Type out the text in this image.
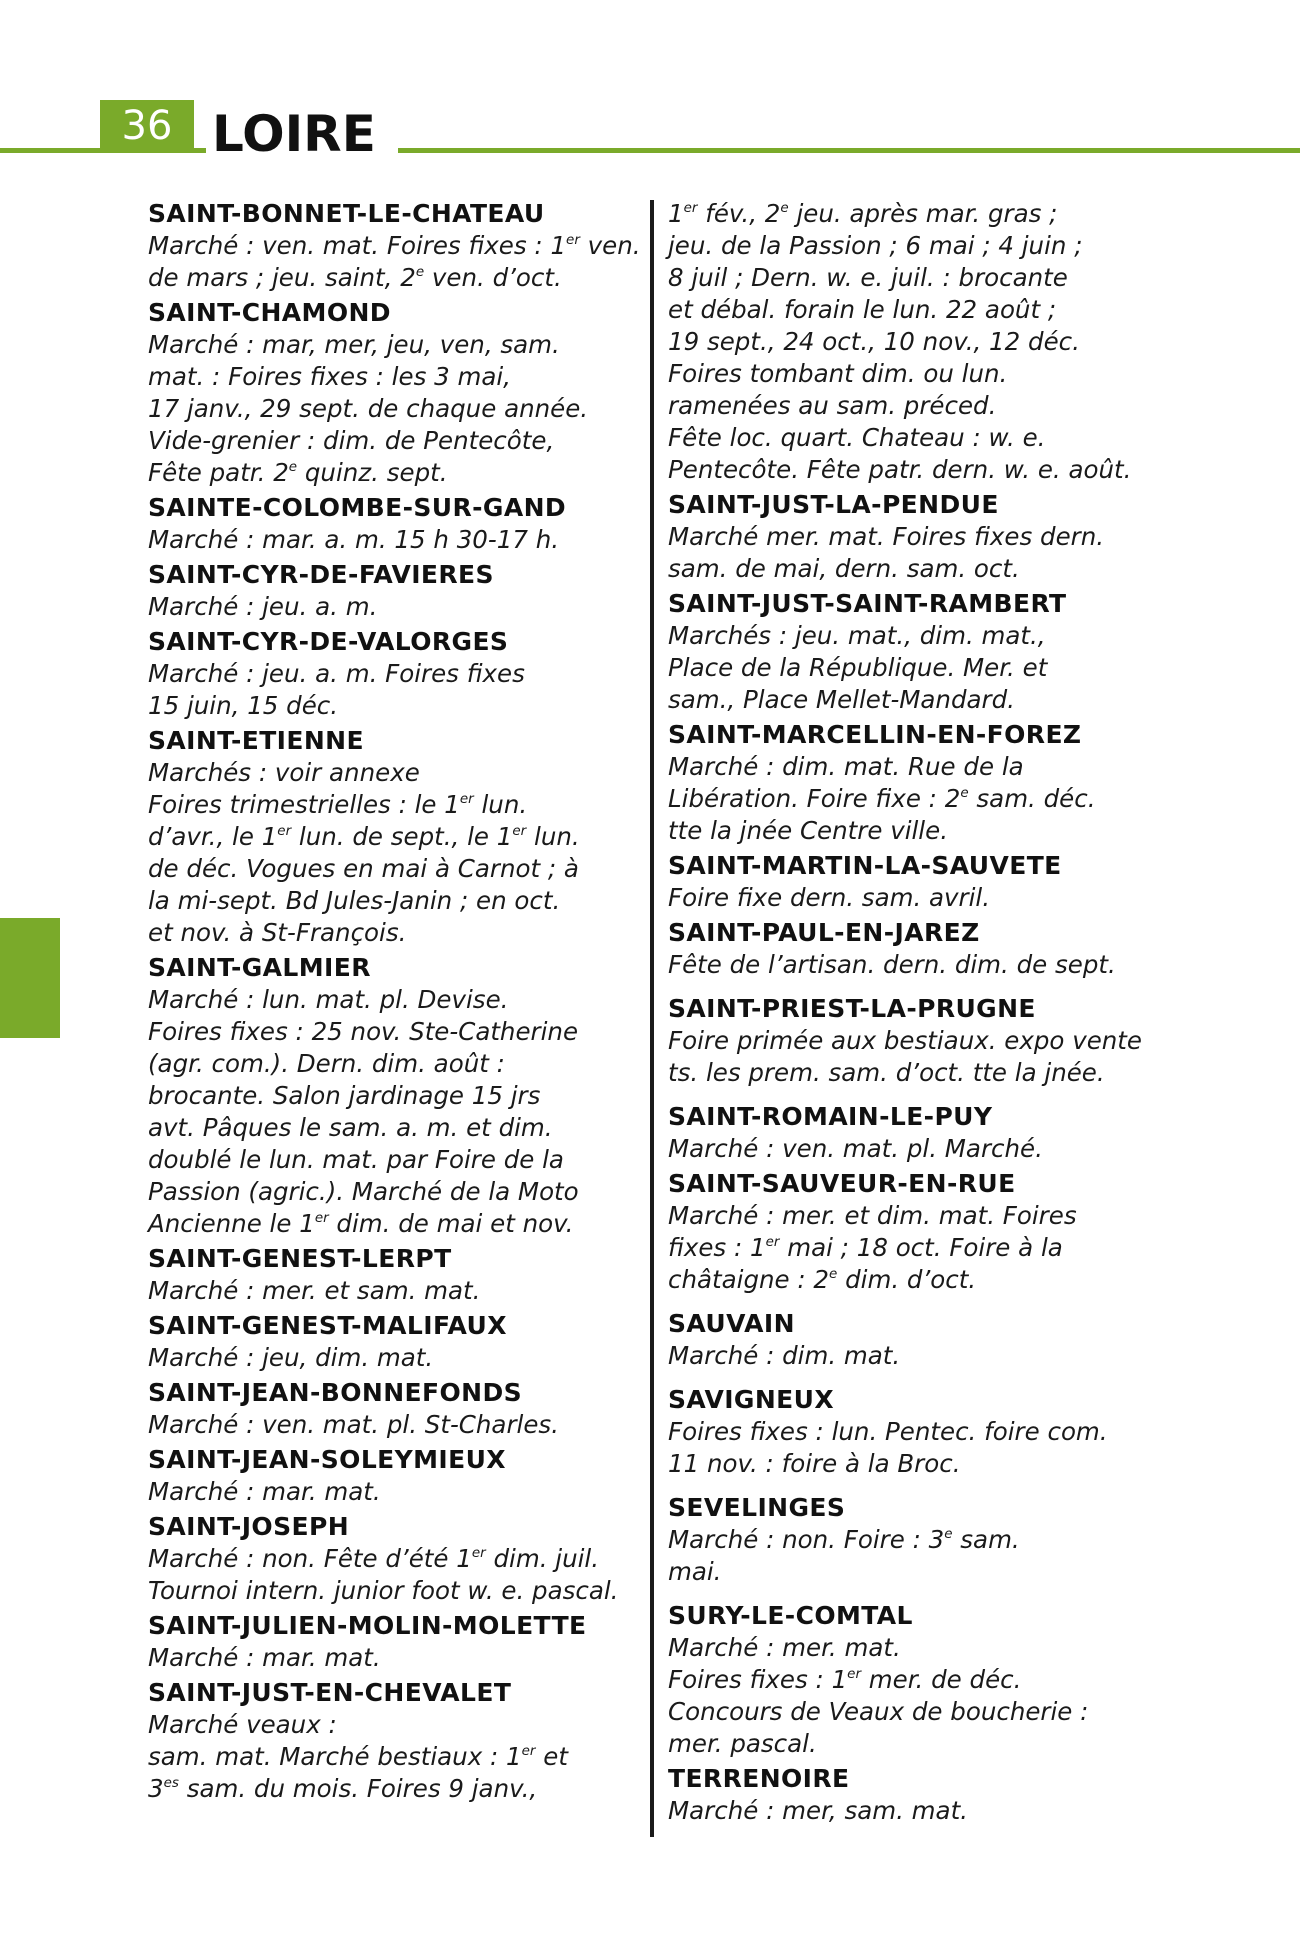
36 LOIRE
SAINT-BONNET-LE-CHATEAU
Marché : ven. mat. Foires fixes : 1er ven.
de mars ; jeu. saint, 2e ven. d’oct.
SAINT-CHAMOND
Marché : mar, mer, jeu, ven, sam.
mat. : Foires fixes : les 3 mai,
17 janv., 29 sept. de chaque année.
Vide-grenier : dim. de Pentecôte,
Fête patr. 2e quinz. sept.
SAINTE-COLOMBE-SUR-GAND
Marché : mar. a. m. 15 h 30-17 h.
SAINT-CYR-DE-FAVIERES
Marché : jeu. a. m.
SAINT-CYR-DE-VALORGES
Marché : jeu. a. m. Foires fixes
15 juin, 15 déc.
SAINT-ETIENNE
Marchés : voir annexe
Foires trimestrielles : le 1er lun.
d’avr., le 1er lun. de sept., le 1er lun.
de déc. Vogues en mai à Carnot ; à
la mi-sept. Bd Jules-Janin ; en oct.
et nov. à St-François.
SAINT-GALMIER
Marché : lun. mat. pl. Devise.
Foires fixes : 25 nov. Ste-Catherine
(agr. com.). Dern. dim. août :
brocante. Salon jardinage 15 jrs
avt. Pâques le sam. a. m. et dim.
doublé le lun. mat. par Foire de la
Passion (agric.). Marché de la Moto
Ancienne le 1er dim. de mai et nov.
SAINT-GENEST-LERPT
Marché : mer. et sam. mat.
SAINT-GENEST-MALIFAUX
Marché : jeu, dim. mat.
SAINT-JEAN-BONNEFONDS
Marché : ven. mat. pl. St-Charles.
SAINT-JEAN-SOLEYMIEUX
Marché : mar. mat.
SAINT-JOSEPH
Marché : non. Fête d’été 1er dim. juil.
Tournoi intern. junior foot w. e. pascal.
SAINT-JULIEN-MOLIN-MOLETTE
Marché : mar. mat.
SAINT-JUST-EN-CHEVALET
Marché veaux :
sam. mat. Marché bestiaux : 1er et
$3^{es}$ sam. du mois. Foires 9 janv.,
1er fév., 2e jeu. après mar. gras ;
jeu. de la Passion ; 6 mai ; 4 juin ;
8 juil ; Dern. w. e. juil. : brocante
et débal. forain le lun. 22 août ;
19 sept., 24 oct., 10 nov., 12 déc.
Foires tombant dim. ou lun.
ramenées au sam. préced.
Fête loc. quart. Chateau : w. e.
Pentecôte. Fête patr. dern. w. e. août.
SAINT-JUST-LA-PENDUE
Marché mer. mat. Foires fixes dern.
sam. de mai, dern. sam. oct.
SAINT-JUST-SAINT-RAMBERT
Marchés : jeu. mat., dim. mat.,
Place de la République. Mer. et
sam., Place Mellet-Mandard.
SAINT-MARCELLIN-EN-FOREZ
Marché : dim. mat. Rue de la
Libération. Foire fixe : 2e sam. déc.
tte la jnée Centre ville.
SAINT-MARTIN-LA-SAUVETE
Foire fixe dern. sam. avril.
SAINT-PAUL-EN-JAREZ
Fête de l’artisan. dern. dim. de sept.
SAINT-PRIEST-LA-PRUGNE
Foire primée aux bestiaux. expo vente
ts. les prem. sam. d’oct. tte la jnée.
SAINT-ROMAIN-LE-PUY
Marché : ven. mat. pl. Marché.
SAINT-SAUVEUR-EN-RUE
Marché : mer. et dim. mat. Foires
fixes : 1er mai ; 18 oct. Foire à la
châtaigne : 2e dim. d’oct.
SAUVAIN
Marché : dim. mat.
SAVIGNEUX
Foires fixes : lun. Pentec. foire com.
11 nov. : foire à la Broc.
SEVELINGES
Marché : non. Foire : 3e sam.
mai.
SURY-LE-COMTAL
Marché : mer. mat.
Foires fixes : 1er mer. de déc.
Concours de Veaux de boucherie :
mer. pascal.
TERRENOIRE
Marché : mer, sam. mat.
